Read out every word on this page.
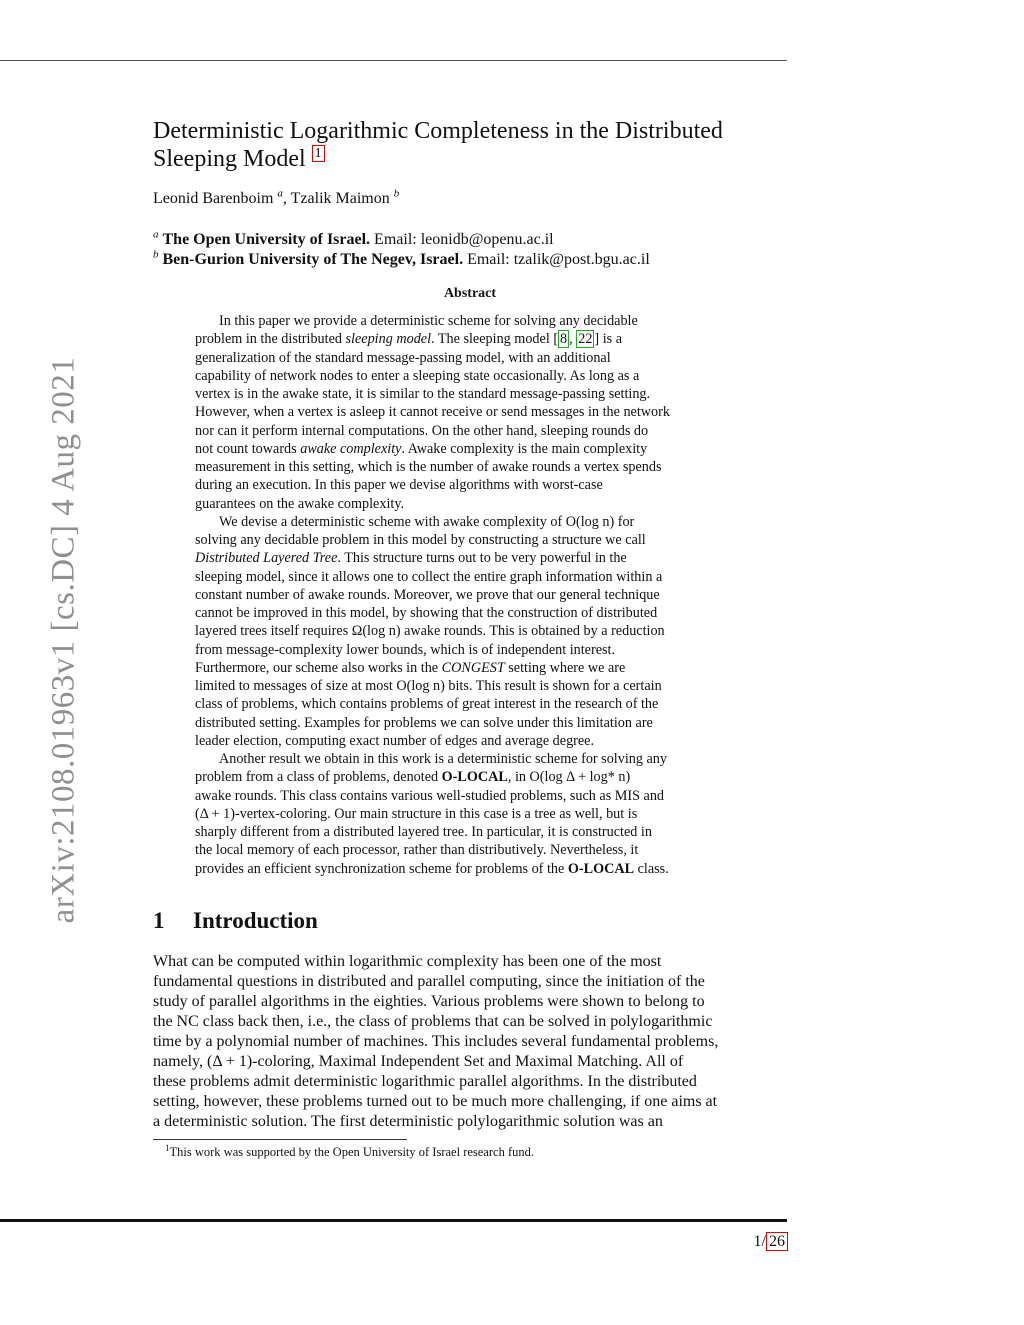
arXiv:2108.01963v1 [cs.DC] 4 Aug 2021
Deterministic Logarithmic Completeness in the Distributed
Sleeping Model $^1$
Leonid Barenboim $^a$, Tzalik Maimon $^b$
$^a$ The Open University of Israel. Email: leonidb@openu.ac.il
$^b$ Ben-Gurion University of The Negev, Israel. Email: tzalik@post.bgu.ac.il
Abstract
In this paper we provide a deterministic scheme for solving any decidable
problem in the distributed sleeping model. The sleeping model [ 8 , 22 ] is a
generalization of the standard message-passing model, with an additional
capability of network nodes to enter a sleeping state occasionally. As long as a
vertex is in the awake state, it is similar to the standard message-passing setting.
However, when a vertex is asleep it cannot receive or send messages in the network
nor can it perform internal computations. On the other hand, sleeping rounds do
not count towards awake complexity. Awake complexity is the main complexity
measurement in this setting, which is the number of awake rounds a vertex spends
during an execution. In this paper we devise algorithms with worst-case
guarantees on the awake complexity.
We devise a deterministic scheme with awake complexity of O(log n) for
solving any decidable problem in this model by constructing a structure we call
Distributed Layered Tree. This structure turns out to be very powerful in the
sleeping model, since it allows one to collect the entire graph information within a
constant number of awake rounds. Moreover, we prove that our general technique
cannot be improved in this model, by showing that the construction of distributed
layered trees itself requires Ω(log n) awake rounds. This is obtained by a reduction
from message-complexity lower bounds, which is of independent interest.
Furthermore, our scheme also works in the CONGEST setting where we are
limited to messages of size at most O(log n) bits. This result is shown for a certain
class of problems, which contains problems of great interest in the research of the
distributed setting. Examples for problems we can solve under this limitation are
leader election, computing exact number of edges and average degree.
Another result we obtain in this work is a deterministic scheme for solving any
problem from a class of problems, denoted O-LOCAL, in O(log Δ + log* n)
awake rounds. This class contains various well-studied problems, such as MIS and
(Δ + 1)-vertex-coloring. Our main structure in this case is a tree as well, but is
sharply different from a distributed layered tree. In particular, it is constructed in
the local memory of each processor, rather than distributively. Nevertheless, it
provides an efficient synchronization scheme for problems of the O-LOCAL class.
1 Introduction
What can be computed within logarithmic complexity has been one of the most
fundamental questions in distributed and parallel computing, since the initiation of the
study of parallel algorithms in the eighties. Various problems were shown to belong to
the NC class back then, i.e., the class of problems that can be solved in polylogarithmic
time by a polynomial number of machines. This includes several fundamental problems,
namely, (Δ + 1)-coloring, Maximal Independent Set and Maximal Matching. All of
these problems admit deterministic logarithmic parallel algorithms. In the distributed
setting, however, these problems turned out to be much more challenging, if one aims at
a deterministic solution. The first deterministic polylogarithmic solution was an
$^1$This work was supported by the Open University of Israel research fund.
1/ 26
